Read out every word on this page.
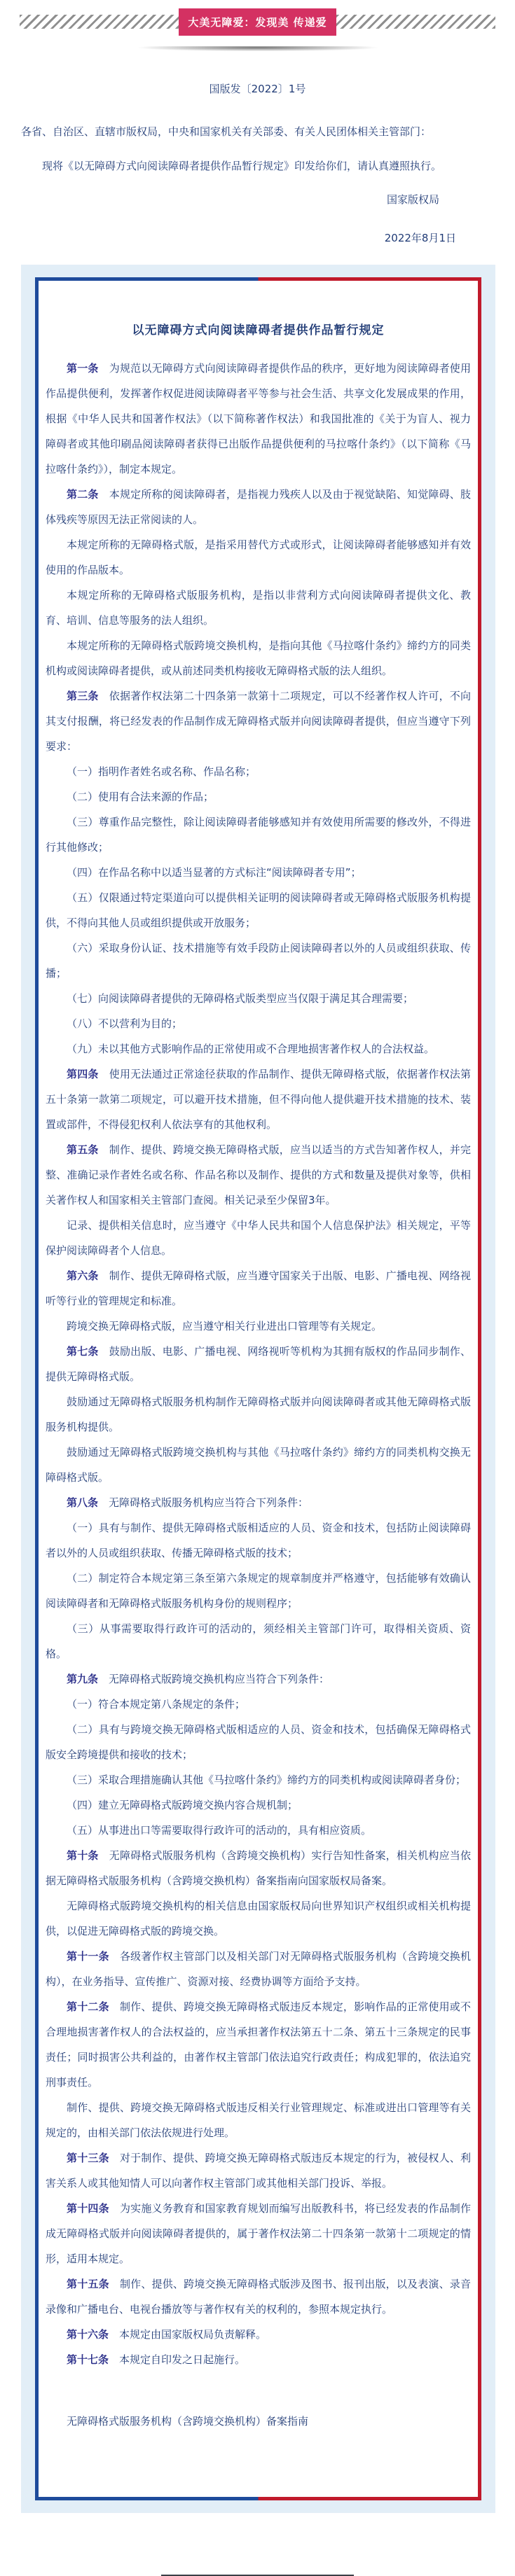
大美无障爱：发现美 传递爱
国版发〔2022〕1号

各省、自治区、直辖市版权局，中央和国家机关有关部委、有关人民团体相关主管部门：

现将《以无障碍方式向阅读障碍者提供作品暂行规定》印发给你们，请认真遵照执行。

国家版权局

2022年8月1日

以无障碍方式向阅读障碍者提供作品暂行规定

第一条　为规范以无障碍方式向阅读障碍者提供作品的秩序，更好地为阅读障碍者使用作品提供便利，发挥著作权促进阅读障碍者平等参与社会生活、共享文化发展成果的作用，根据《中华人民共和国著作权法》（以下简称著作权法）和我国批准的《关于为盲人、视力障碍者或其他印刷品阅读障碍者获得已出版作品提供便利的马拉喀什条约》（以下简称《马拉喀什条约》），制定本规定。

第二条　本规定所称的阅读障碍者，是指视力残疾人以及由于视觉缺陷、知觉障碍、肢体残疾等原因无法正常阅读的人。

本规定所称的无障碍格式版，是指采用替代方式或形式，让阅读障碍者能够感知并有效使用的作品版本。

本规定所称的无障碍格式版服务机构，是指以非营利方式向阅读障碍者提供文化、教育、培训、信息等服务的法人组织。

本规定所称的无障碍格式版跨境交换机构，是指向其他《马拉喀什条约》缔约方的同类机构或阅读障碍者提供，或从前述同类机构接收无障碍格式版的法人组织。

第三条　依据著作权法第二十四条第一款第十二项规定，可以不经著作权人许可，不向其支付报酬，将已经发表的作品制作成无障碍格式版并向阅读障碍者提供，但应当遵守下列要求：

（一）指明作者姓名或名称、作品名称；

（二）使用有合法来源的作品；

（三）尊重作品完整性，除让阅读障碍者能够感知并有效使用所需要的修改外，不得进行其他修改；

（四）在作品名称中以适当显著的方式标注“阅读障碍者专用”；

（五）仅限通过特定渠道向可以提供相关证明的阅读障碍者或无障碍格式版服务机构提供，不得向其他人员或组织提供或开放服务；

（六）采取身份认证、技术措施等有效手段防止阅读障碍者以外的人员或组织获取、传播；

（七）向阅读障碍者提供的无障碍格式版类型应当仅限于满足其合理需要；

（八）不以营利为目的；

（九）未以其他方式影响作品的正常使用或不合理地损害著作权人的合法权益。

第四条　使用无法通过正常途径获取的作品制作、提供无障碍格式版，依据著作权法第五十条第一款第二项规定，可以避开技术措施，但不得向他人提供避开技术措施的技术、装置或部件，不得侵犯权利人依法享有的其他权利。

第五条　制作、提供、跨境交换无障碍格式版，应当以适当的方式告知著作权人，并完整、准确记录作者姓名或名称、作品名称以及制作、提供的方式和数量及提供对象等，供相关著作权人和国家相关主管部门查阅。相关记录至少保留3年。

记录、提供相关信息时，应当遵守《中华人民共和国个人信息保护法》相关规定，平等保护阅读障碍者个人信息。

第六条　制作、提供无障碍格式版，应当遵守国家关于出版、电影、广播电视、网络视听等行业的管理规定和标准。

跨境交换无障碍格式版，应当遵守相关行业进出口管理等有关规定。

第七条　鼓励出版、电影、广播电视、网络视听等机构为其拥有版权的作品同步制作、提供无障碍格式版。

鼓励通过无障碍格式版服务机构制作无障碍格式版并向阅读障碍者或其他无障碍格式版服务机构提供。

鼓励通过无障碍格式版跨境交换机构与其他《马拉喀什条约》缔约方的同类机构交换无障碍格式版。

第八条　无障碍格式版服务机构应当符合下列条件：

（一）具有与制作、提供无障碍格式版相适应的人员、资金和技术，包括防止阅读障碍者以外的人员或组织获取、传播无障碍格式版的技术；

（二）制定符合本规定第三条至第六条规定的规章制度并严格遵守，包括能够有效确认阅读障碍者和无障碍格式版服务机构身份的规则程序；

（三）从事需要取得行政许可的活动的，须经相关主管部门许可，取得相关资质、资格。

第九条　无障碍格式版跨境交换机构应当符合下列条件：

（一）符合本规定第八条规定的条件；

（二）具有与跨境交换无障碍格式版相适应的人员、资金和技术，包括确保无障碍格式版安全跨境提供和接收的技术；

（三）采取合理措施确认其他《马拉喀什条约》缔约方的同类机构或阅读障碍者身份；

（四）建立无障碍格式版跨境交换内容合规机制；

（五）从事进出口等需要取得行政许可的活动的，具有相应资质。

第十条　无障碍格式版服务机构（含跨境交换机构）实行告知性备案，相关机构应当依据无障碍格式版服务机构（含跨境交换机构）备案指南向国家版权局备案。

无障碍格式版跨境交换机构的相关信息由国家版权局向世界知识产权组织或相关机构提供，以促进无障碍格式版的跨境交换。

第十一条　各级著作权主管部门以及相关部门对无障碍格式版服务机构（含跨境交换机构），在业务指导、宣传推广、资源对接、经费协调等方面给予支持。

第十二条　制作、提供、跨境交换无障碍格式版违反本规定，影响作品的正常使用或不合理地损害著作权人的合法权益的，应当承担著作权法第五十二条、第五十三条规定的民事责任；同时损害公共利益的，由著作权主管部门依法追究行政责任；构成犯罪的，依法追究刑事责任。

制作、提供、跨境交换无障碍格式版违反相关行业管理规定、标准或进出口管理等有关规定的，由相关部门依法依规进行处理。

第十三条　对于制作、提供、跨境交换无障碍格式版违反本规定的行为，被侵权人、利害关系人或其他知情人可以向著作权主管部门或其他相关部门投诉、举报。

第十四条　为实施义务教育和国家教育规划而编写出版教科书，将已经发表的作品制作成无障碍格式版并向阅读障碍者提供的，属于著作权法第二十四条第一款第十二项规定的情形，适用本规定。

第十五条　制作、提供、跨境交换无障碍格式版涉及图书、报刊出版，以及表演、录音录像和广播电台、电视台播放等与著作权有关的权利的，参照本规定执行。

第十六条　本规定由国家版权局负责解释。

第十七条　本规定自印发之日起施行。

无障碍格式版服务机构（含跨境交换机构）备案指南
